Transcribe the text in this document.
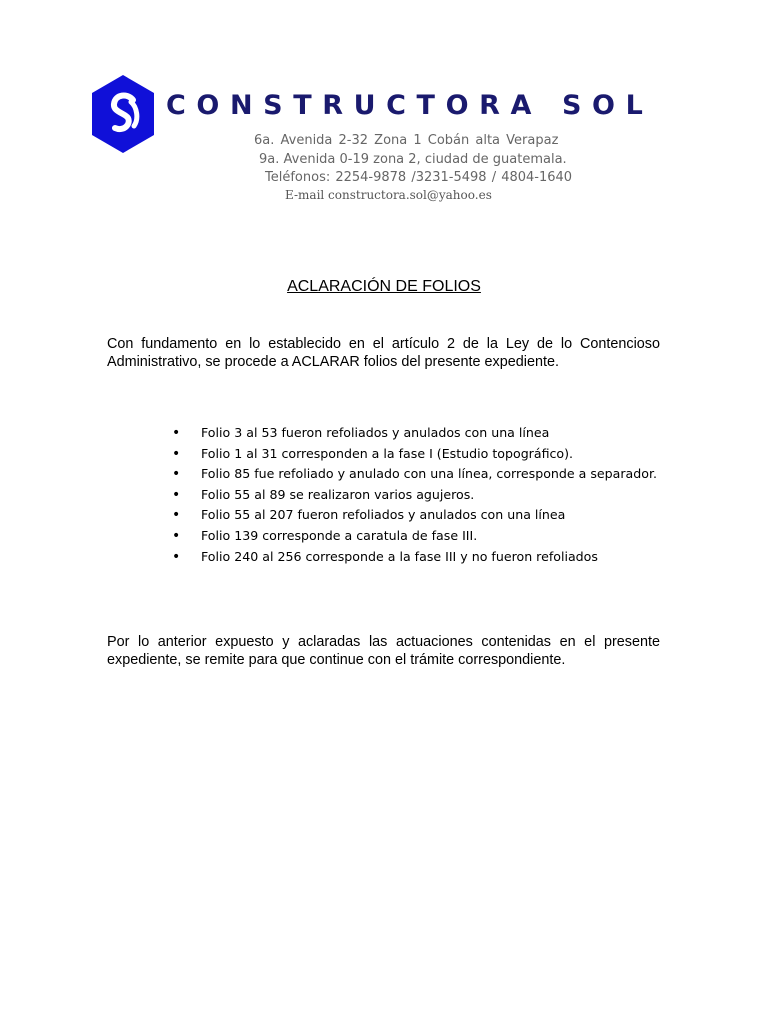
CONSTRUCTORA SOL
6a. Avenida 2-32 Zona 1 Cobán alta Verapaz
9a. Avenida 0-19 zona 2, ciudad de guatemala.
Teléfonos: 2254-9878 /3231-5498 / 4804-1640
E-mail constructora.sol@yahoo.es
ACLARACIÓN DE FOLIOS
Con fundamento en lo establecido en el artículo 2 de la Ley de lo Contencioso Administrativo, se procede a ACLARAR folios del presente expediente.
• Folio 3 al 53 fueron refoliados y anulados con una línea
• Folio 1 al 31 corresponden a la fase I (Estudio topográfico).
• Folio 85 fue refoliado y anulado con una línea, corresponde a separador.
• Folio 55 al 89 se realizaron varios agujeros.
• Folio 55 al 207 fueron refoliados y anulados con una línea
• Folio 139 corresponde a caratula de fase III.
• Folio 240 al 256 corresponde a la fase III y no fueron refoliados
Por lo anterior expuesto y aclaradas las actuaciones contenidas en el presente expediente, se remite para que continue con el trámite correspondiente.
